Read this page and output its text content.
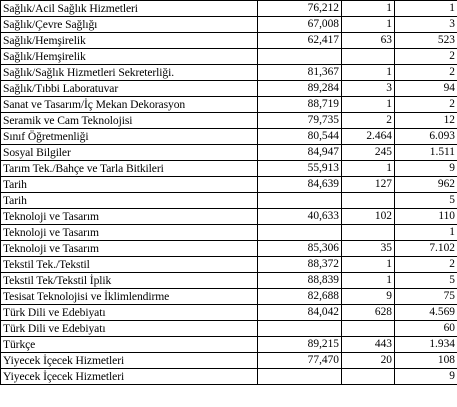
Sağlık/Acil Sağlık Hizmetleri	76,212	1	1
Sağlık/Çevre Sağlığı	67,008	1	3
Sağlık/Hemşirelik	62,417	63	523
Sağlık/Hemşirelik			2
Sağlık/Sağlık Hizmetleri Sekreterliği.	81,367	1	2
Sağlık/Tıbbi Laboratuvar	89,284	3	94
Sanat ve Tasarım/İç Mekan Dekorasyon	88,719	1	2
Seramik ve Cam Teknolojisi	79,735	2	12
Sınıf Öğretmenliği	80,544	2.464	6.093
Sosyal Bilgiler	84,947	245	1.511
Tarım Tek./Bahçe ve Tarla Bitkileri	55,913	1	9
Tarih	84,639	127	962
Tarih			5
Teknoloji ve Tasarım	40,633	102	110
Teknoloji ve Tasarım			1
Teknoloji ve Tasarım	85,306	35	7.102
Tekstil Tek./Tekstil	88,372	1	2
Tekstil Tek/Tekstil İplik	88,839	1	5
Tesisat Teknolojisi ve İklimlendirme	82,688	9	75
Türk Dili ve Edebiyatı	84,042	628	4.569
Türk Dili ve Edebiyatı			60
Türkçe	89,215	443	1.934
Yiyecek İçecek Hizmetleri	77,470	20	108
Yiyecek İçecek Hizmetleri			9
